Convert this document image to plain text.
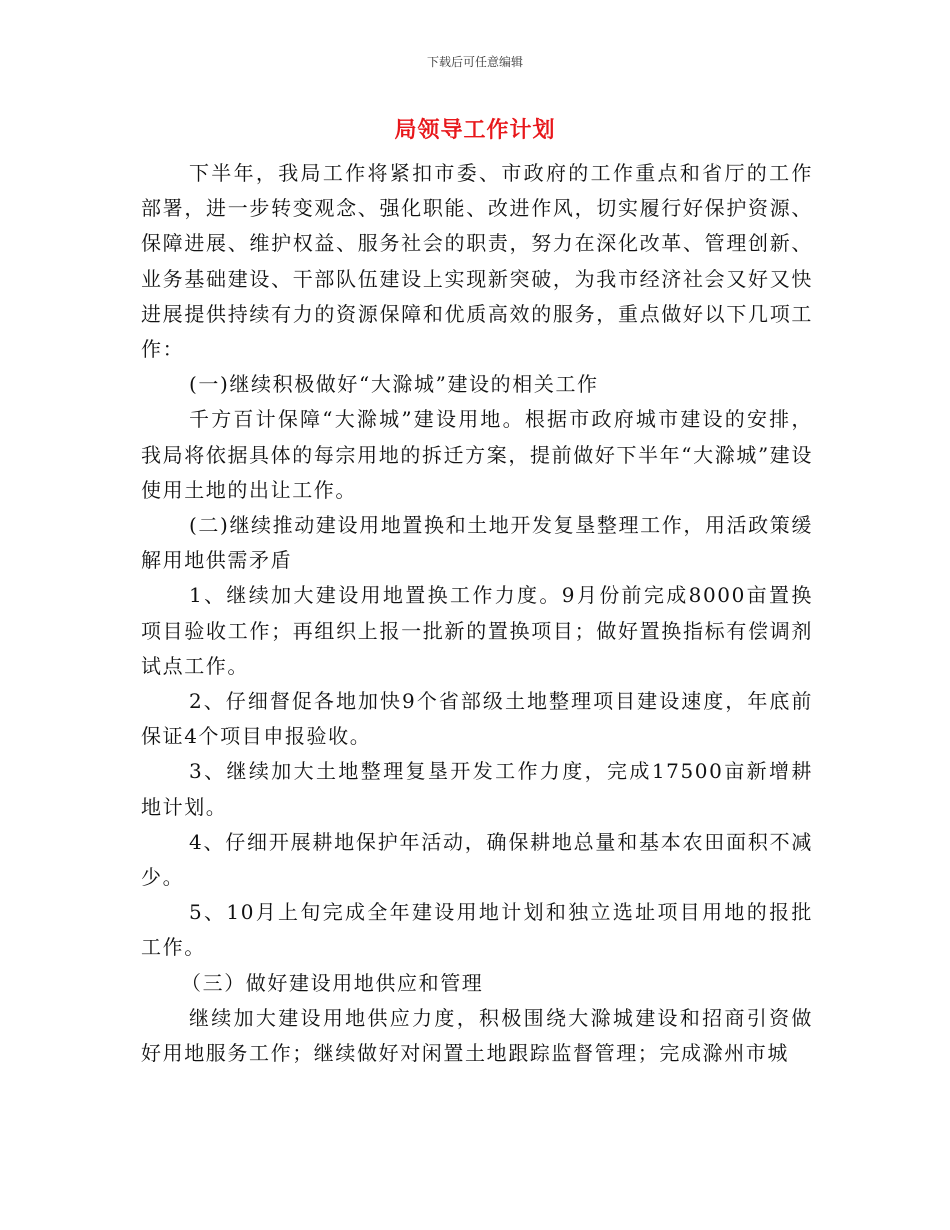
下载后可任意编辑
局领导工作计划

下半年，我局工作将紧扣市委、市政府的工作重点和省厅的工作部署，进一步转变观念、强化职能、改进作风，切实履行好保护资源、保障进展、维护权益、服务社会的职责，努力在深化改革、管理创新、业务基础建设、干部队伍建设上实现新突破，为我市经济社会又好又快进展提供持续有力的资源保障和优质高效的服务，重点做好以下几项工作：

(一)继续积极做好“大滁城”建设的相关工作

千方百计保障“大滁城”建设用地。根据市政府城市建设的安排，我局将依据具体的每宗用地的拆迁方案，提前做好下半年“大滁城”建设使用土地的出让工作。

(二)继续推动建设用地置换和土地开发复垦整理工作，用活政策缓解用地供需矛盾

1、继续加大建设用地置换工作力度。9月份前完成8000亩置换项目验收工作；再组织上报一批新的置换项目；做好置换指标有偿调剂试点工作。

2、仔细督促各地加快9个省部级土地整理项目建设速度，年底前保证4个项目申报验收。

3、继续加大土地整理复垦开发工作力度，完成17500亩新增耕地计划。

4、仔细开展耕地保护年活动，确保耕地总量和基本农田面积不减少。

5、10月上旬完成全年建设用地计划和独立选址项目用地的报批工作。

（三）做好建设用地供应和管理

继续加大建设用地供应力度，积极围绕大滁城建设和招商引资做好用地服务工作；继续做好对闲置土地跟踪监督管理；完成滁州市城
